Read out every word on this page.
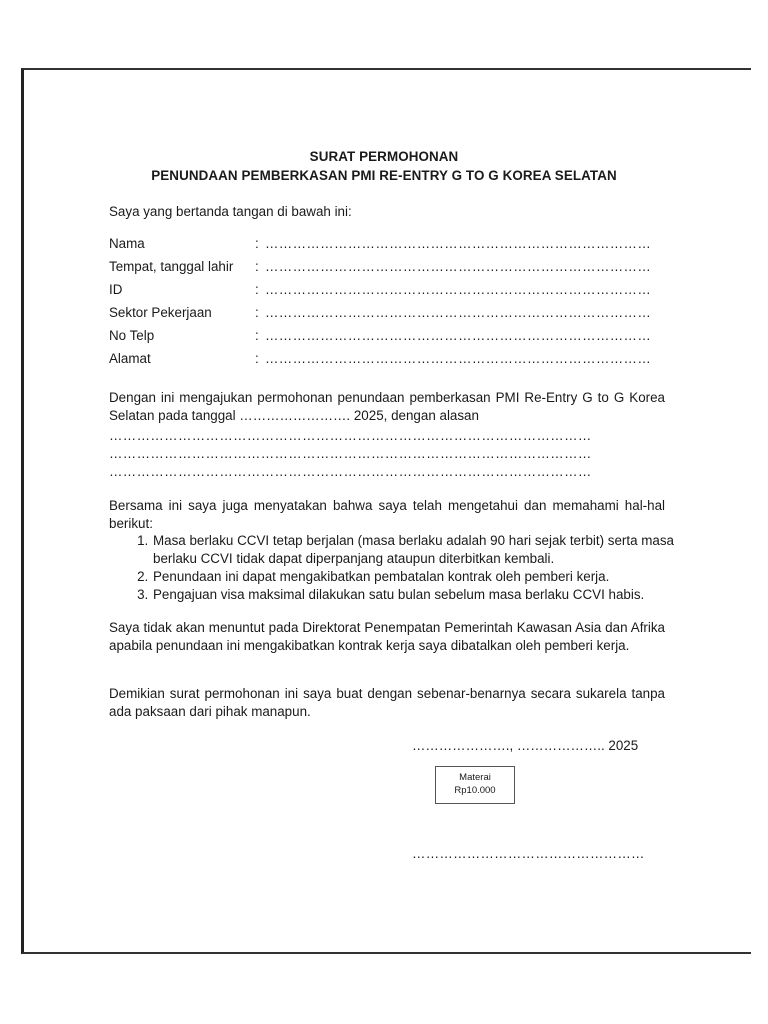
SURAT PERMOHONAN
PENUNDAAN PEMBERKASAN PMI RE-ENTRY G TO G KOREA SELATAN
Saya yang bertanda tangan di bawah ini:
Nama	: …………………………………………………………………………
Tempat, tanggal lahir : …………………………………………………………………………
ID	: …………………………………………………………………………
Sektor Pekerjaan	: …………………………………………………………………………
No Telp	: …………………………………………………………………………
Alamat	: …………………………………………………………………………
Dengan ini mengajukan permohonan penundaan pemberkasan PMI Re-Entry G to G Korea Selatan pada tanggal ……………………. 2025, dengan alasan
……………………………………………………………………………………………
……………………………………………………………………………………………
……………………………………………………………………………………………
Bersama ini saya juga menyatakan bahwa saya telah mengetahui dan memahami hal-hal berikut:
1. Masa berlaku CCVI tetap berjalan (masa berlaku adalah 90 hari sejak terbit) serta masa berlaku CCVI tidak dapat diperpanjang ataupun diterbitkan kembali.
2. Penundaan ini dapat mengakibatkan pembatalan kontrak oleh pemberi kerja.
3. Pengajuan visa maksimal dilakukan satu bulan sebelum masa berlaku CCVI habis.
Saya tidak akan menuntut pada Direktorat Penempatan Pemerintah Kawasan Asia dan Afrika apabila penundaan ini mengakibatkan kontrak kerja saya dibatalkan oleh pemberi kerja.
Demikian surat permohonan ini saya buat dengan sebenar-benarnya secara sukarela tanpa ada paksaan dari pihak manapun.
…………………., ……………….. 2025
Materai
Rp10.000
……………………………………………
